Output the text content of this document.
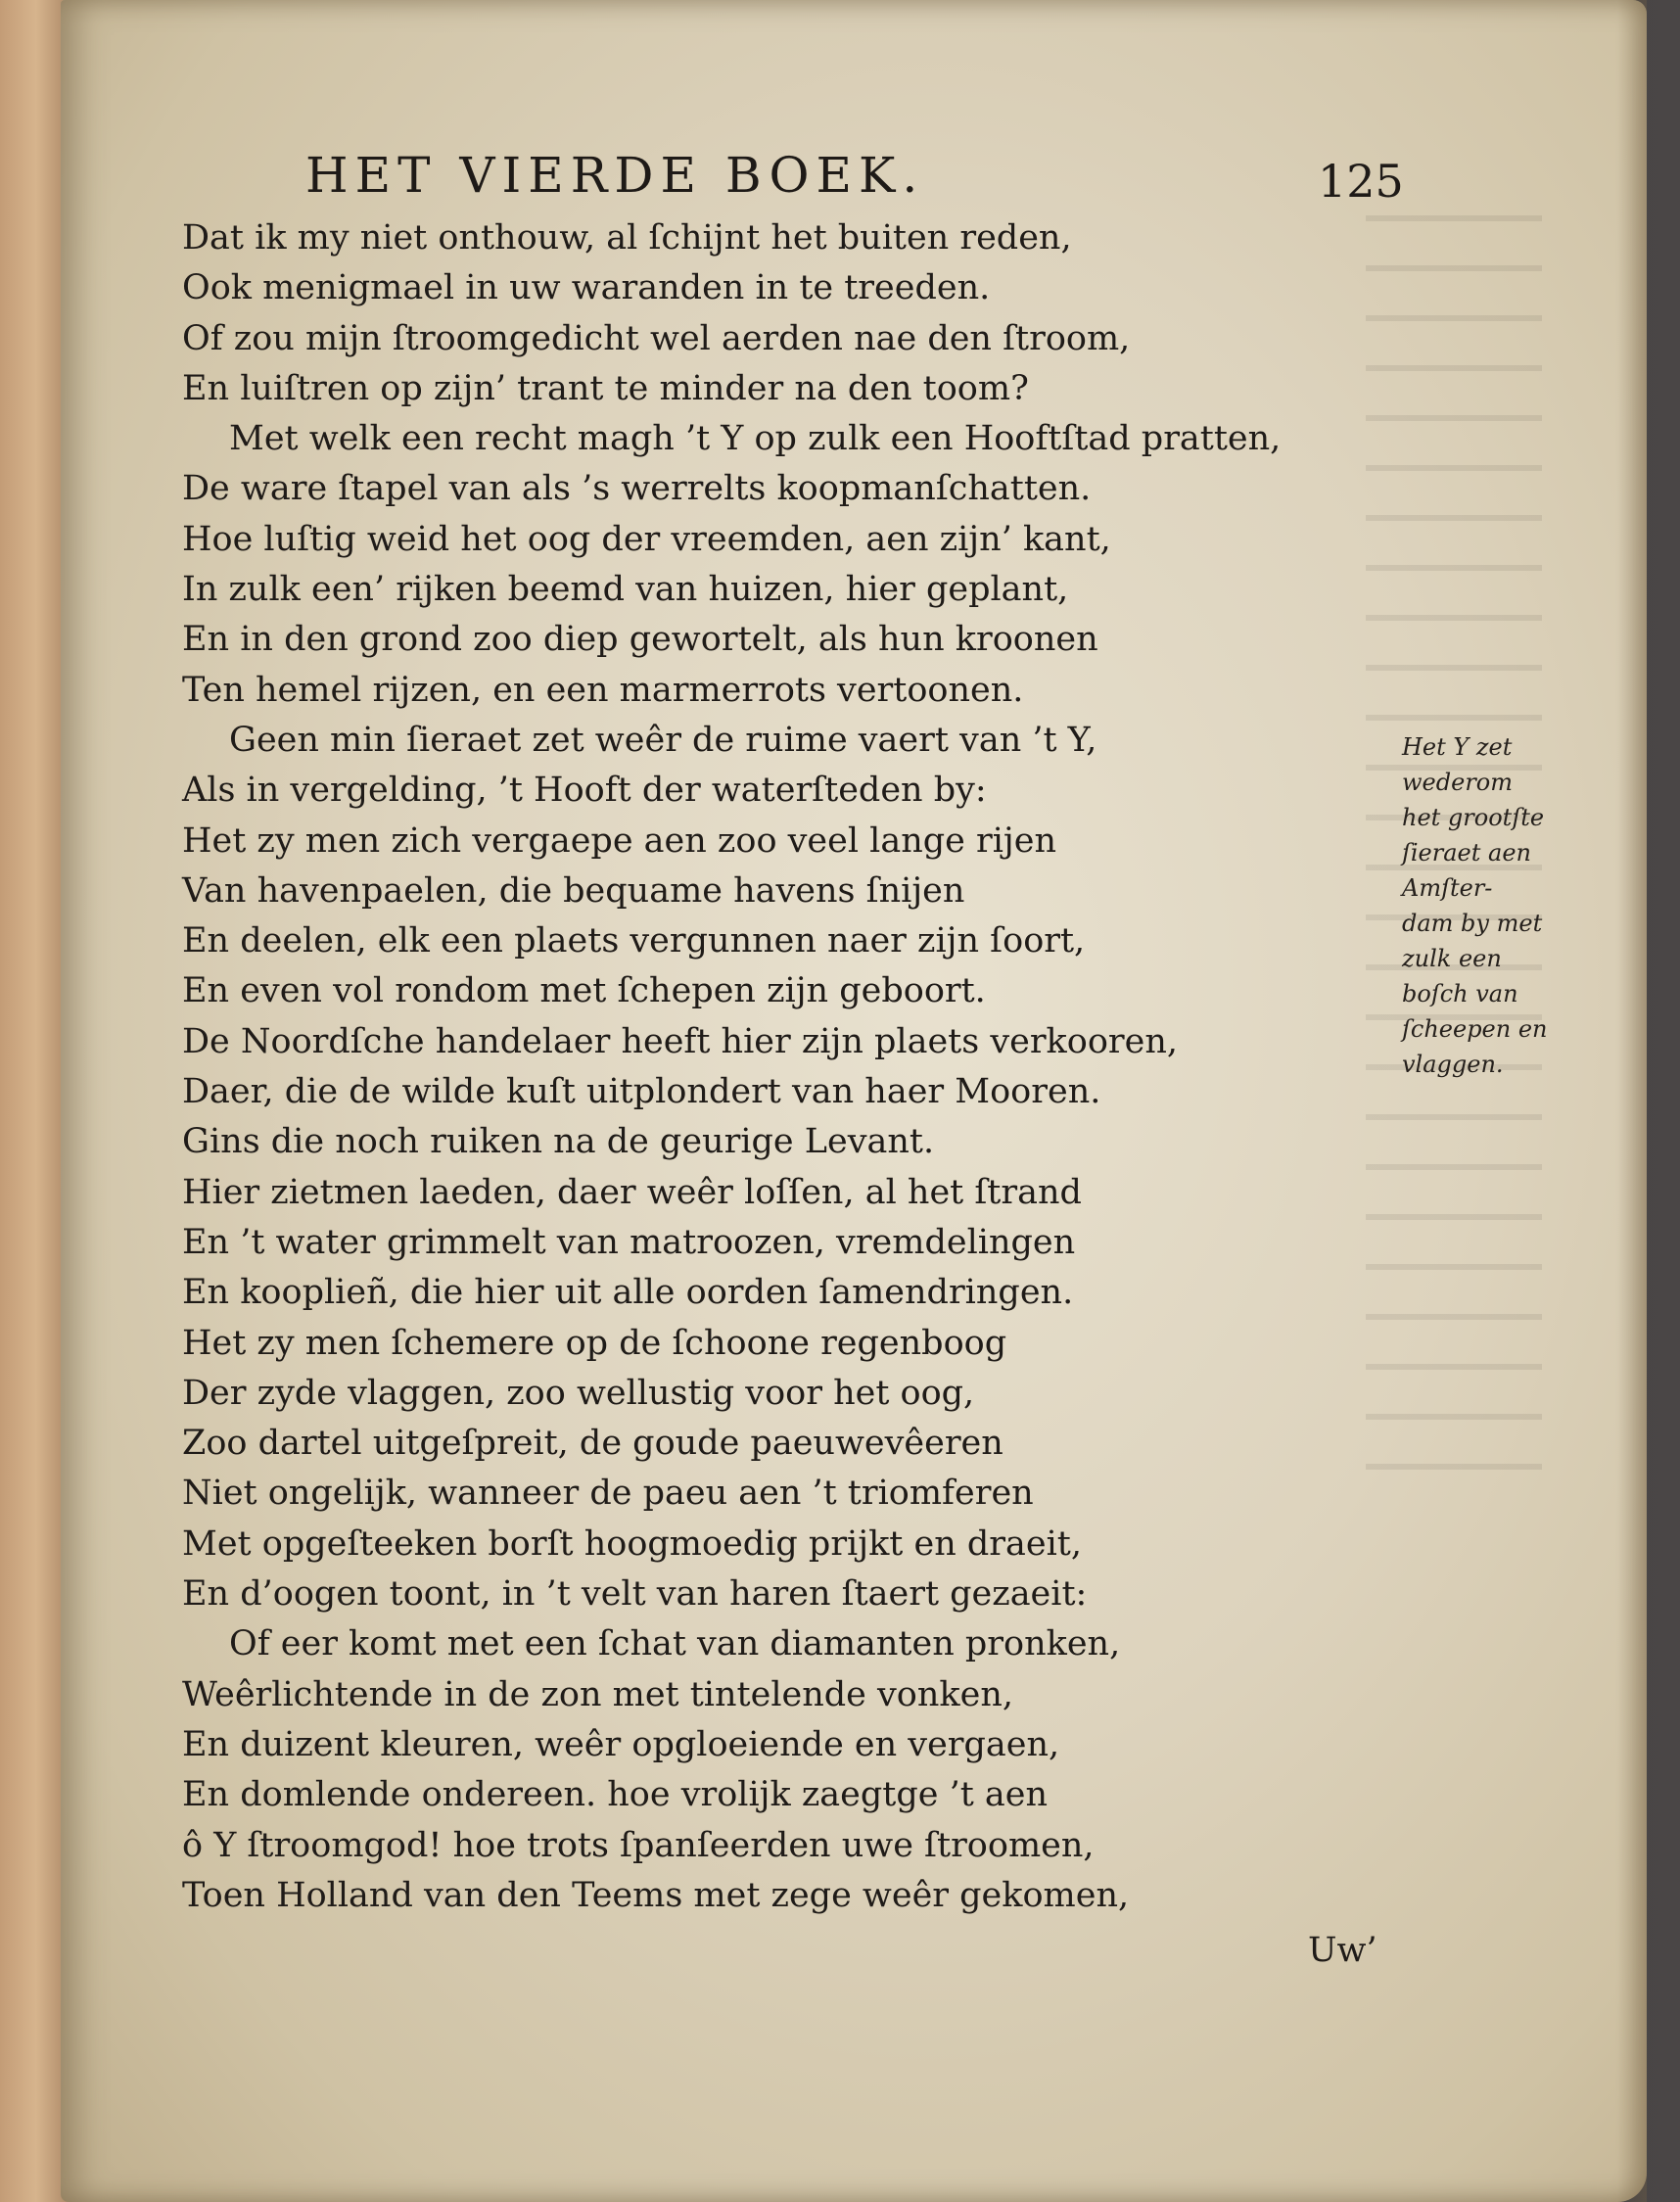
HET VIERDE BOEK.	125
Dat ik my niet onthouw, al ſchijnt het buiten reden,
Ook menigmael in uw waranden in te treeden.
Of zou mijn ſtroomgedicht wel aerden nae den ſtroom,
En luiſtren op zijn’ trant te minder na den toom?
Met welk een recht magh ’t Y op zulk een Hooftſtad pratten,
De ware ſtapel van als ’s werrelts koopmanſchatten.
Hoe luſtig weid het oog der vreemden, aen zijn’ kant,
In zulk een’ rijken beemd van huizen, hier geplant,
En in den grond zoo diep gewortelt, als hun kroonen
Ten hemel rijzen, en een marmerrots vertoonen.
Geen min ſieraet zet weêr de ruime vaert van ’t Y,
Als in vergelding, ’t Hooft der waterſteden by:
Het zy men zich vergaepe aen zoo veel lange rijen
Van havenpaelen, die bequame havens ſnijen
En deelen, elk een plaets vergunnen naer zijn ſoort,
En even vol rondom met ſchepen zijn geboort.
De Noordſche handelaer heeft hier zijn plaets verkooren,
Daer, die de wilde kuſt uitplondert van haer Mooren.
Gins die noch ruiken na de geurige Levant.
Hier zietmen laeden, daer weêr loſſen, al het ſtrand
En ’t water grimmelt van matroozen, vremdelingen
En kooplieñ, die hier uit alle oorden ſamendringen.
Het zy men ſchemere op de ſchoone regenboog
Der zyde vlaggen, zoo wellustig voor het oog,
Zoo dartel uitgeſpreit, de goude paeuwevêeren
Niet ongelijk, wanneer de paeu aen ’t triomferen
Met opgeſteeken borſt hoogmoedig prijkt en draeit,
En d’oogen toont, in ’t velt van haren ſtaert gezaeit:
Of eer komt met een ſchat van diamanten pronken,
Weêrlichtende in de zon met tintelende vonken,
En duizent kleuren, weêr opgloeiende en vergaen,
En domlende ondereen. hoe vrolijk zaegtge ’t aen
ô Y ſtroomgod! hoe trots ſpanſeerden uwe ſtroomen,
Toen Holland van den Teems met zege weêr gekomen,
Het Y zet
wederom
het grootſte
ſieraet aen
Amſter-
dam by met
zulk een
boſch van
ſcheepen en
vlaggen.
Uw’
